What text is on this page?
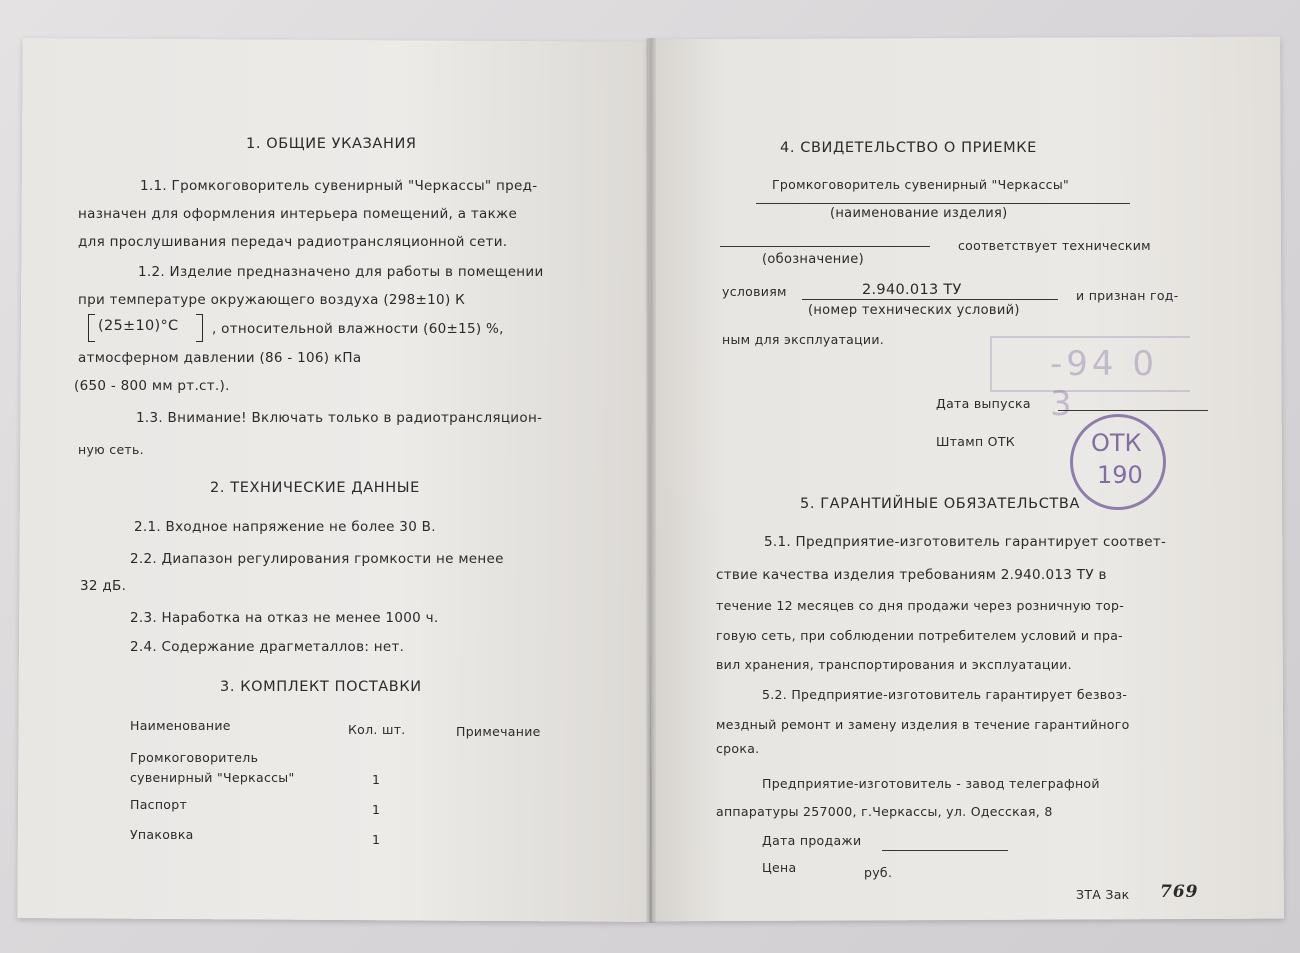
1. ОБЩИЕ УКАЗАНИЯ
1.1. Громкоговоритель сувенирный "Черкассы" пред-
назначен для оформления интерьера помещений, а также
для прослушивания передач радиотрансляционной сети.
1.2. Изделие предназначено для работы в помещении
при температуре окружающего воздуха (298±10) К
(25±10)°С , относительной влажности (60±15) %,
атмосферном давлении (86 - 106) кПа
(650 - 800 мм рт.ст.).
1.3. Внимание! Включать только в радиотрансляцион-
ную сеть.
2. ТЕХНИЧЕСКИЕ ДАННЫЕ
2.1. Входное напряжение не более 30 В.
2.2. Диапазон регулирования громкости не менее
32 дБ.
2.3. Наработка на отказ не менее 1000 ч.
2.4. Содержание драгметаллов: нет.
3. КОМПЛЕКТ ПОСТАВКИ
Наименование	Кол. шт.	Примечание
Громкоговоритель
сувенирный "Черкассы"	1
Паспорт	1
Упаковка	1
4. СВИДЕТЕЛЬСТВО О ПРИЕМКЕ
Громкоговоритель сувенирный "Черкассы"
(наименование изделия)
соответствует техническим
(обозначение)
условиям	2.940.013 ТУ	и признан год-
(номер технических условий)
ным для эксплуатации.
-94 0 3
Дата выпуска
Штамп ОТК	ОТК
190
5. ГАРАНТИЙНЫЕ ОБЯЗАТЕЛЬСТВА
5.1. Предприятие-изготовитель гарантирует соответ-
ствие качества изделия требованиям 2.940.013 ТУ в
течение 12 месяцев со дня продажи через розничную тор-
говую сеть, при соблюдении потребителем условий и пра-
вил хранения, транспортирования и эксплуатации.
5.2. Предприятие-изготовитель гарантирует безвоз-
мездный ремонт и замену изделия в течение гарантийного
срока.
Предприятие-изготовитель - завод телеграфной
аппаратуры 257000, г.Черкассы, ул. Одесская, 8
Дата продажи
Цена	руб.
ЗТА Зак 769
